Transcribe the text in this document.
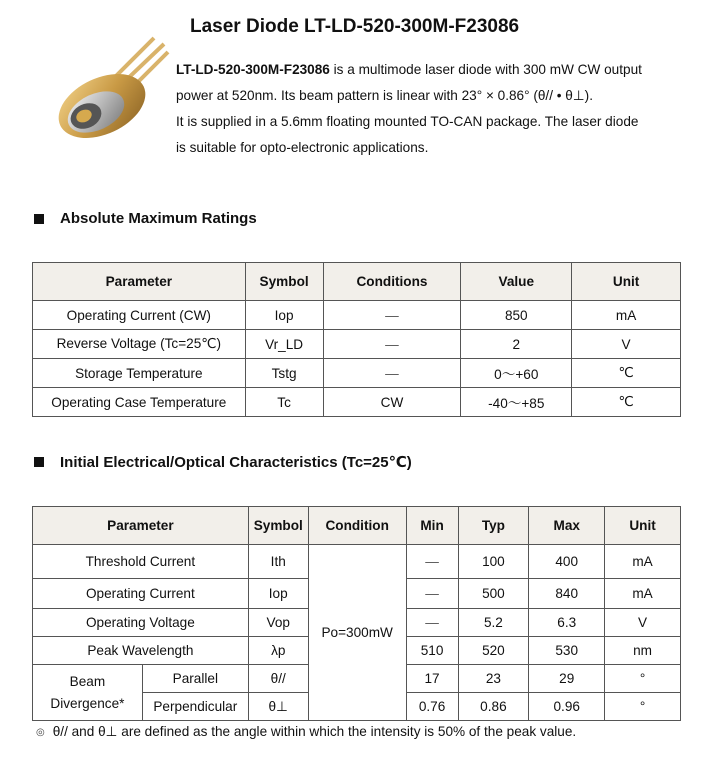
Laser Diode LT-LD-520-300M-F23086

LT-LD-520-300M-F23086 is a multimode laser diode with 300 mW CW output

power at 520nm. Its beam pattern is linear with 23° × 0.86° (θ// • θ⊥).

It is supplied in a 5.6mm floating mounted TO-CAN package. The laser diode

is suitable for opto-electronic applications.

Absolute Maximum Ratings
Parameter	Symbol	Conditions	Value	Unit
Operating Current (CW)	Iop	—	850	mA
Reverse Voltage (Tc=25℃)	Vr_LD	—	2	V
Storage Temperature	Tstg	—	0～+60	℃
Operating Case Temperature	Tc	CW	-40～+85	℃
Initial Electrical/Optical Characteristics (Tc=25℃)
Parameter		Symbol	Condition	Min	Typ	Max	Unit
Threshold Current		Ith	Po=300mW	—	100	400	mA
Operating Current		Iop		—	500	840	mA
Operating Voltage		Vop		—	5.2	6.3	V
Peak Wavelength		λp		510	520	530	nm
Beam Divergence*	Parallel	θ//		17	23	29	°
	Perpendicular	θ⊥		0.76	0.86	0.96	°
◎ θ// and θ⊥ are defined as the angle within which the intensity is 50% of the peak value.
